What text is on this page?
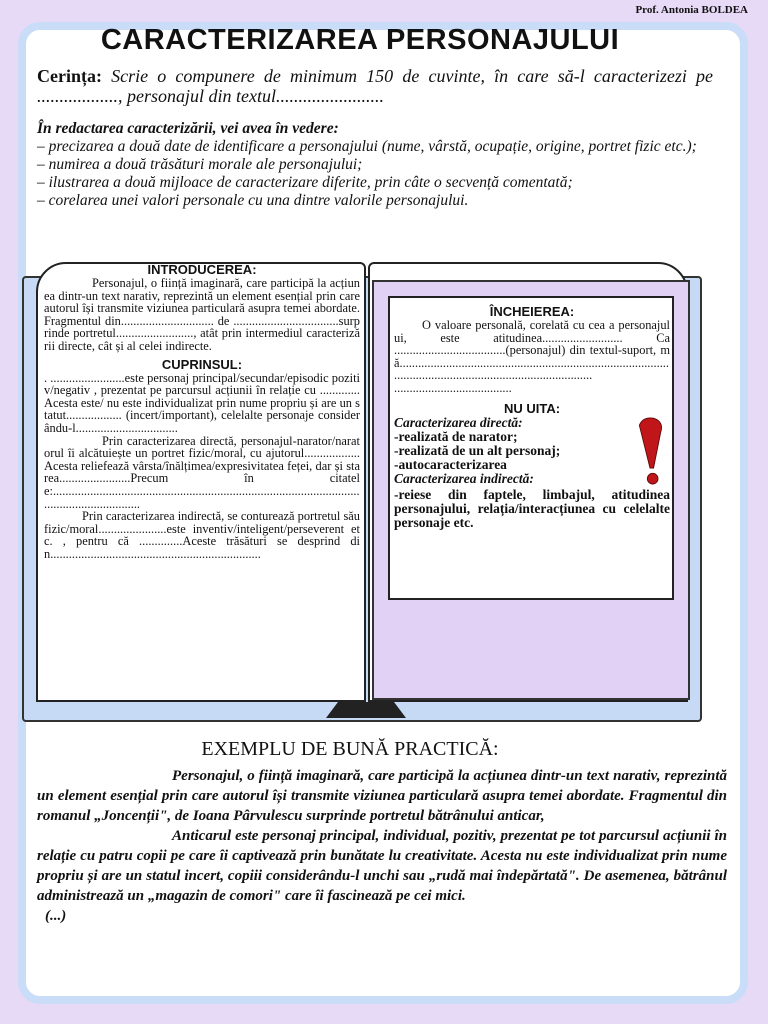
Prof. Antonia BOLDEA
CARACTERIZAREA PERSONAJULUI
Cerința: Scrie o compunere de minimum 150 de cuvinte, în care să-l caracterizezi pe .................., personajul din textul........................
În redactarea caracterizării, vei avea în vedere:
– precizarea a două date de identificare a personajului (nume, vârstă, ocupație, origine, portret fizic etc.);
– numirea a două trăsături morale ale personajului;
– ilustrarea a două mijloace de caracterizare diferite, prin câte o secvență comentată;
– corelarea unei valori personale cu una dintre valorile personajului.
INTRODUCEREA:
Personajul, o ființă imaginară, care participă la acțiunea dintr-un text narativ, reprezintă un element esențial prin care autorul își transmite viziunea particulară asupra temei abordate. Fragmentul din.............................. de ..................................surprinde portretul........................., atât prin intermediul caracterizării directe, cât și al celei indirecte.
CUPRINSUL:
. ........................este personaj principal/secundar/episodic pozitiv/negativ , prezentat pe parcursul acțiunii în relație cu ............. Acesta este/ nu este individualizat prin nume propriu și are un statut.................. (incert/important), celelalte personaje considerându-l.................................
Prin caracterizarea directă, personajul-narator/naratorul îi alcătuiește un portret fizic/moral, cu ajutorul..................Acesta reliefează vârsta/înălțimea/expresivitatea feței, dar și starea.......................Precum în citatele:..................................................................................................................................
Prin caracterizarea indirectă, se conturează portretul său fizic/moral......................este inventiv/inteligent/perseverent etc. , pentru că ..............Aceste trăsături se desprind din....................................................................
ÎNCHEIEREA:
O valoare personală, corelată cu cea a personajului, este atitudinea.......................... Ca ....................................(personajul) din textul-suport, mă.......................................................................................................................................................
......................................
NU UITA:
Caracterizarea directă:
-realizată de narator;
-realizată de un alt personaj;
-autocaracterizarea
Caracterizarea indirectă:
-reiese din faptele, limbajul, atitudinea personajului, relația/interacțiunea cu celelalte personaje etc.
EXEMPLU DE BUNĂ PRACTICĂ:
Personajul, o ființă imaginară, care participă la acțiunea dintr-un text narativ, reprezintă un element esențial prin care autorul își transmite viziunea particulară asupra temei abordate. Fragmentul din romanul „Joncenții", de Ioana Pârvulescu surprinde portretul bătrânului anticar,
Anticarul este personaj principal, individual, pozitiv, prezentat pe tot parcursul acțiunii în relație cu patru copii pe care îi captivează prin bunătate lu creativitate. Acesta nu este individualizat prin nume propriu și are un statul incert, copiii considerându-l unchi sau „rudă mai îndepărtată". De asemenea, bătrânul administrează un „magazin de comori" care îi fascinează pe cei mici.
(...)
